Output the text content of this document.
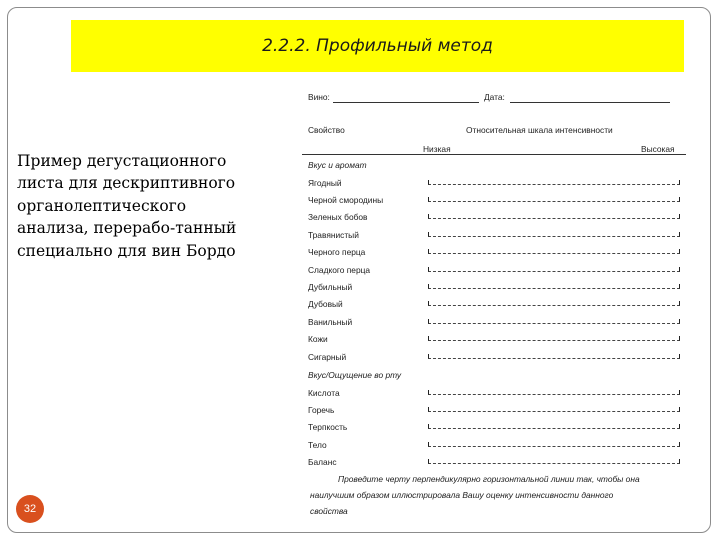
2.2.2. Профильный метод
Пример дегустационного
листа для дескриптивного
органолептического
анализа, перерабо-танный
специально для вин Бордо
32
Вино:	Дата:
Свойство	Относительная шкала интенсивности
Низкая	Высокая
Вкус и аромат
Ягодный
Черной смородины
Зеленых бобов
Травянистый
Черного перца
Сладкого перца
Дубильный
Дубовый
Ванильный
Кожи
Сигарный
Вкус/Ощущение во рту
Кислота
Горечь
Терпкость
Тело
Баланс
Проведите черту перпендикулярно горизонтальной линии так, чтобы она
наилучшим образом иллюстрировала Вашу оценку интенсивности данного
свойства
